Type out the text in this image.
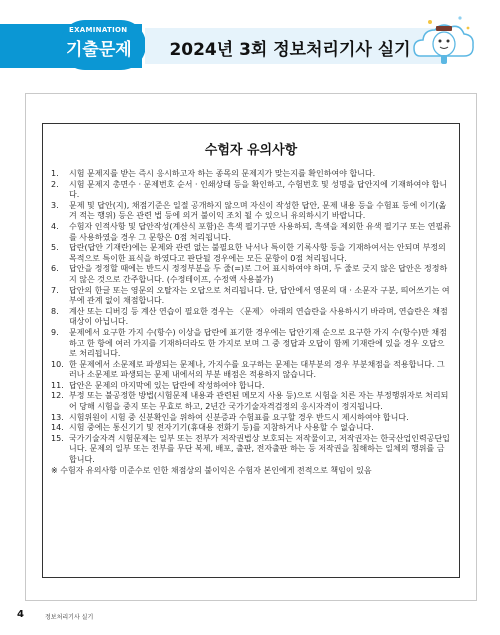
EXAMINATION
기출문제	2024년 3회 정보처리기사 실기
수험자 유의사항
1.	시험 문제지를 받는 즉시 응시하고자 하는 종목의 문제지가 맞는지를 확인하여야 합니다.
2.	시험 문제지 총면수 · 문제번호 순서 · 인쇄상태 등을 확인하고, 수험번호 및 성명을 답안지에 기재하여야 합니다.
3.	문제 및 답안(지), 채점기준은 일절 공개하지 않으며 자신이 작성한 답안, 문제 내용 등을 수험표 등에 이기(옮겨 적는 행위) 등은 관련 법 등에 의거 불이익 조치 될 수 있으니 유의하시기 바랍니다.
4.	수험자 인적사항 및 답안작성(계산식 포함)은 흑색 필기구만 사용하되, 흑색을 제외한 유색 필기구 또는 연필류를 사용하였을 경우 그 문항은 0점 처리됩니다.
5.	답란(답안 기재란)에는 문제와 관련 없는 불필요한 낙서나 특이한 기록사항 등을 기재하여서는 안되며 부정의 목적으로 특이한 표식을 하였다고 판단될 경우에는 모든 문항이 0점 처리됩니다.
6.	답안을 정정할 때에는 반드시 정정부분을 두 줄(=)로 그어 표시하여야 하며, 두 줄로 긋지 않은 답안은 정정하지 않은 것으로 간주합니다. (수정테이프, 수정액 사용불가)
7.	답안의 한글 또는 영문의 오탈자는 오답으로 처리됩니다. 단, 답안에서 영문의 대 · 소문자 구분, 띄어쓰기는 여부에 관계 없이 채점합니다.
8.	계산 또는 디버깅 등 계산 연습이 필요한 경우는 〈문제〉 아래의 연습란을 사용하시기 바라며, 연습란은 채점대상이 아닙니다.
9.	문제에서 요구한 가지 수(항수) 이상을 답란에 표기한 경우에는 답안기재 순으로 요구한 가지 수(항수)만 채점하고 한 항에 여러 가지를 기재하더라도 한 가지로 보며 그 중 정답과 오답이 함께 기재란에 있을 경우 오답으로 처리됩니다.
10. 한 문제에서 소문제로 파생되는 문제나, 가지수를 요구하는 문제는 대부분의 경우 부분채점을 적용합니다. 그러나 소문제로 파생되는 문제 내에서의 부분 배점은 적용하지 않습니다.
11. 답안은 문제의 마지막에 있는 답란에 작성하여야 합니다.
12. 부정 또는 불공정한 방법(시험문제 내용과 관련된 메모지 사용 등)으로 시험을 치른 자는 부정행위자로 처리되어 당해 시험을 중지 또는 무효로 하고, 2년간 국가기술자격검정의 응시자격이 정지됩니다.
13. 시험위원이 시험 중 신분확인을 위하여 신분증과 수험표를 요구할 경우 반드시 제시하여야 합니다.
14. 시험 중에는 통신기기 및 전자기기(휴대용 전화기 등)를 지참하거나 사용할 수 없습니다.
15. 국가기술자격 시험문제는 일부 또는 전부가 저작권법상 보호되는 저작물이고, 저작권자는 한국산업인력공단입니다. 문제의 일부 또는 전부를 무단 복제, 배포, 출판, 전자출판 하는 등 저작권을 침해하는 일체의 행위를 금합니다.
※ 수험자 유의사항 미준수로 인한 채점상의 불이익은 수험자 본인에게 전적으로 책임이 있음
4	정보처리기사 실기
